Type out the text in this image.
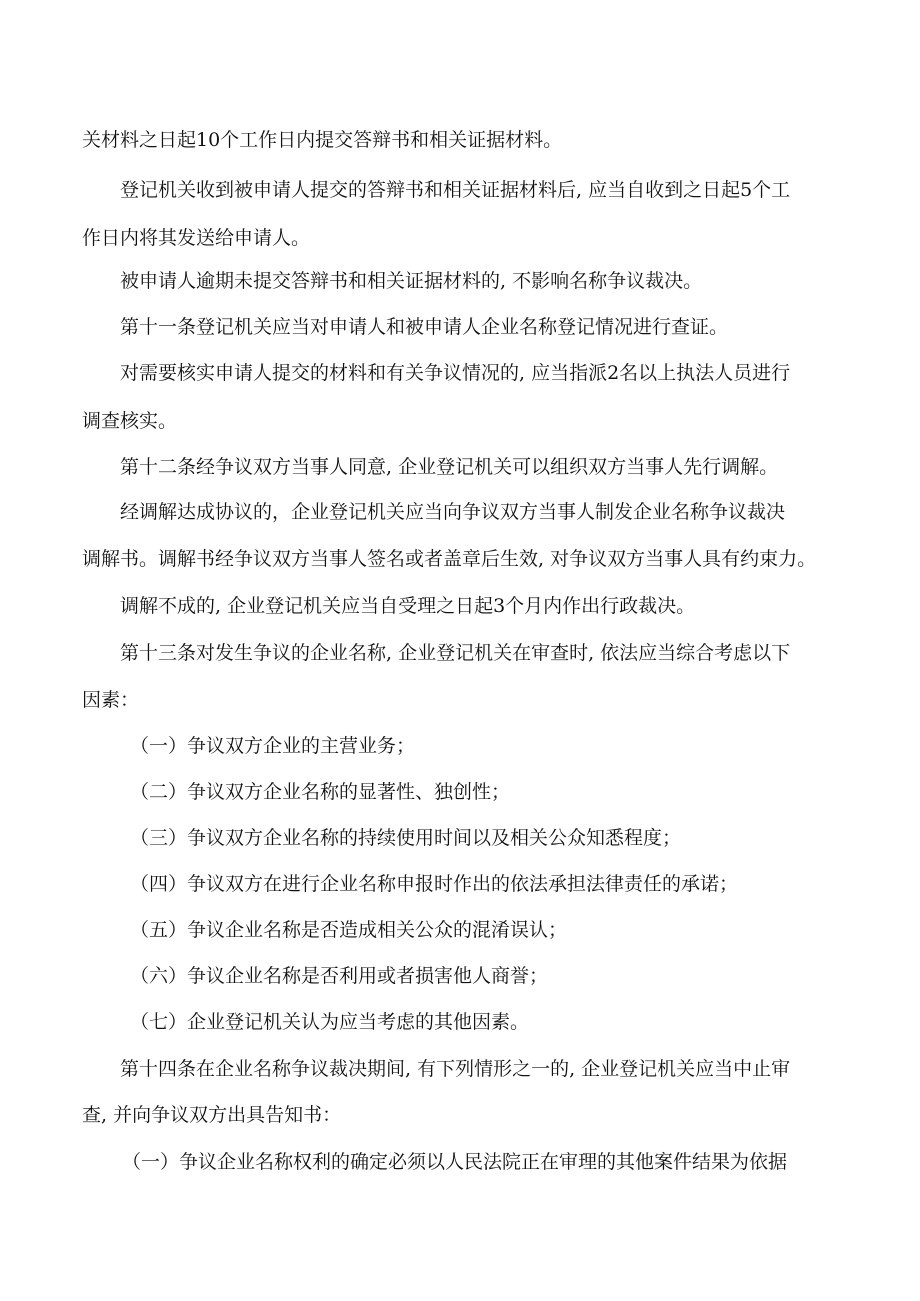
关材料之日起10个工作日内提交答辩书和相关证据材料。
登记机关收到被申请人提交的答辩书和相关证据材料后, 应当自收到之日起5个工
作日内将其发送给申请人。
被申请人逾期未提交答辩书和相关证据材料的, 不影响名称争议裁决。
第十一条登记机关应当对申请人和被申请人企业名称登记情况进行查证。
对需要核实申请人提交的材料和有关争议情况的, 应当指派2名以上执法人员进行
调查核实。
第十二条经争议双方当事人同意, 企业登记机关可以组织双方当事人先行调解。
经调解达成协议的，企业登记机关应当向争议双方当事人制发企业名称争议裁决
调解书。调解书经争议双方当事人签名或者盖章后生效, 对争议双方当事人具有约束力。
调解不成的, 企业登记机关应当自受理之日起3个月内作出行政裁决。
第十三条对发生争议的企业名称, 企业登记机关在审查时, 依法应当综合考虑以下
因素：
（一）争议双方企业的主营业务；
（二）争议双方企业名称的显著性、独创性；
（三）争议双方企业名称的持续使用时间以及相关公众知悉程度；
（四）争议双方在进行企业名称申报时作出的依法承担法律责任的承诺；
（五）争议企业名称是否造成相关公众的混淆误认；
（六）争议企业名称是否利用或者损害他人商誉；
（七）企业登记机关认为应当考虑的其他因素。
第十四条在企业名称争议裁决期间, 有下列情形之一的, 企业登记机关应当中止审
查, 并向争议双方出具告知书：
（一）争议企业名称权利的确定必须以人民法院正在审理的其他案件结果为依据
